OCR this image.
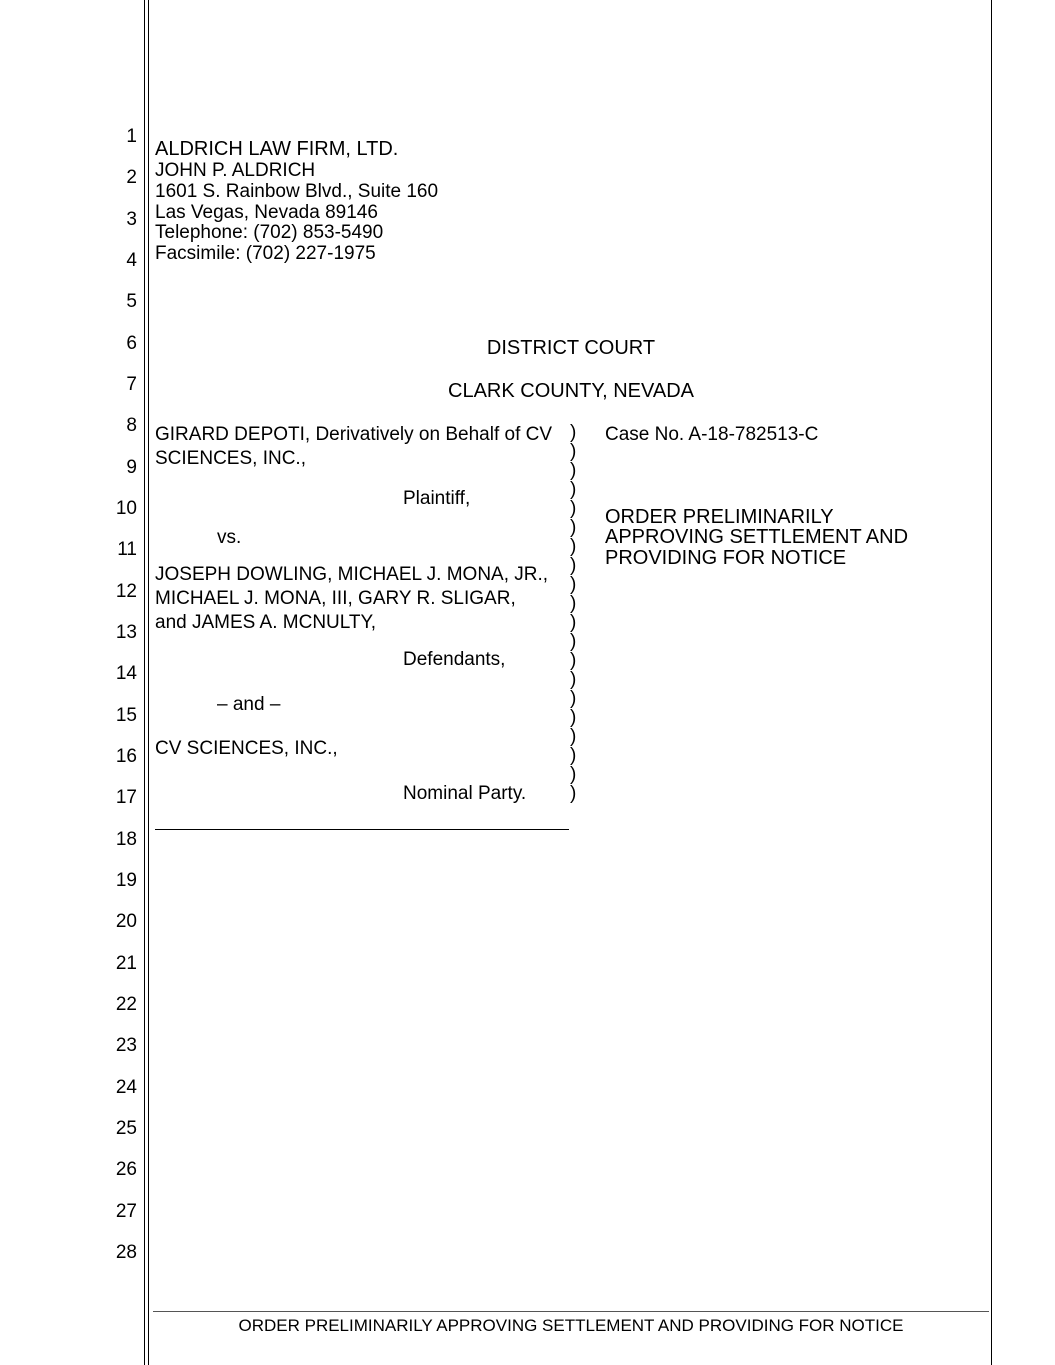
1
2
3
4
5
6
7
8
9
10
11
12
13
14
15
16
17
18
19
20
21
22
23
24
25
26
27
28
ALDRICH LAW FIRM, LTD.
JOHN P. ALDRICH
1601 S. Rainbow Blvd., Suite 160
Las Vegas, Nevada 89146
Telephone: (702) 853-5490
Facsimile: (702) 227-1975
DISTRICT COURT
CLARK COUNTY, NEVADA
GIRARD DEPOTI, Derivatively on Behalf of CV
SCIENCES, INC.,
Plaintiff,
vs.
JOSEPH DOWLING, MICHAEL J. MONA, JR.,
MICHAEL J. MONA, III, GARY R. SLIGAR,
and JAMES A. MCNULTY,
Defendants,
– and –
CV SCIENCES, INC.,
Nominal Party.
)
)
)
)
)
)
)
)
)
)
)
)
)
)
)
)
)
)
)
)
Case No. A-18-782513-C
ORDER PRELIMINARILY
APPROVING SETTLEMENT AND
PROVIDING FOR NOTICE
ORDER PRELIMINARILY APPROVING SETTLEMENT AND PROVIDING FOR NOTICE
